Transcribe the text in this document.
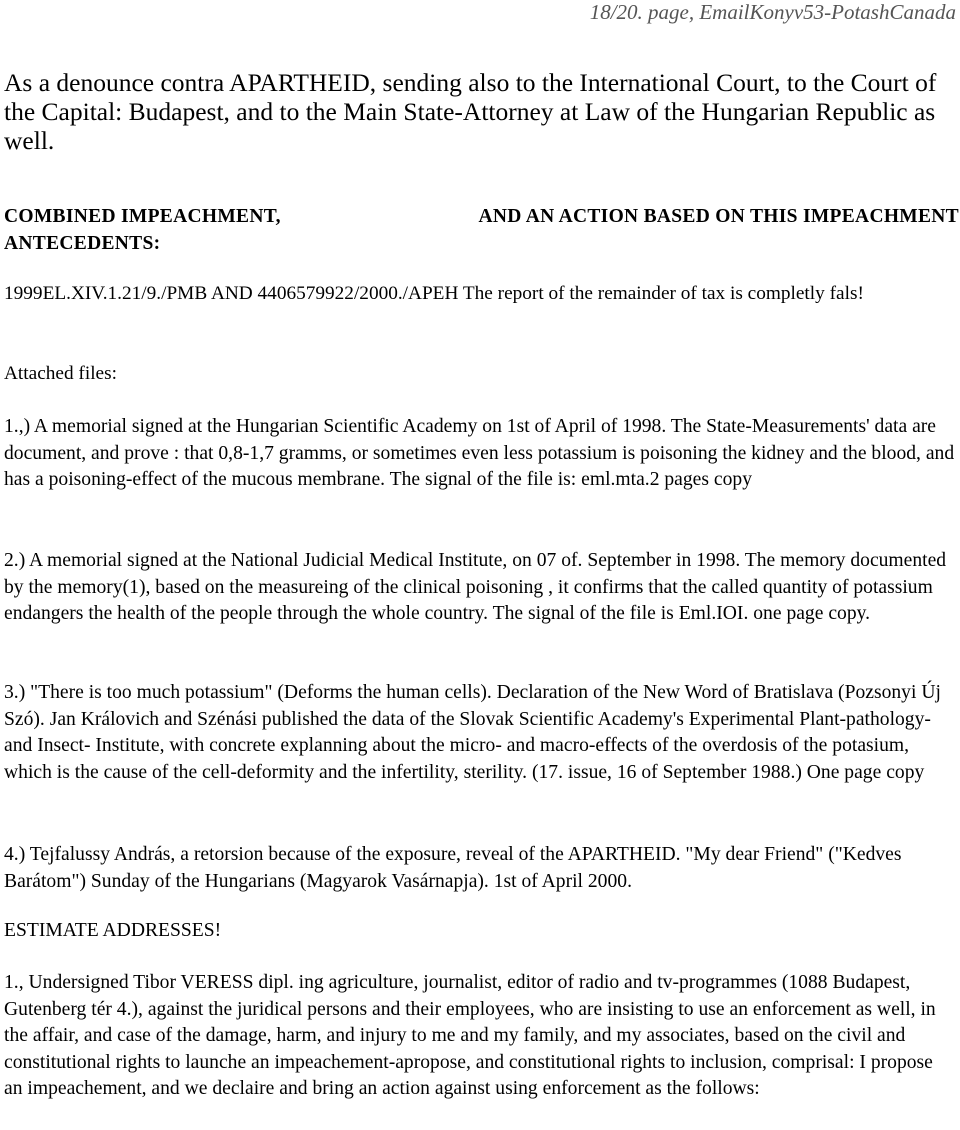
18/20. page, EmailKonyv53-PotashCanada
As a denounce contra APARTHEID, sending also to the International Court, to the Court of the Capital: Budapest, and to the Main State-Attorney at Law of the Hungarian Republic as well.
COMBINED IMPEACHMENT,	AND AN ACTION BASED ON THIS IMPEACHMENT
ANTECEDENTS:
1999EL.XIV.1.21/9./PMB AND 4406579922/2000./APEH The report of the remainder of tax is completly fals!
Attached files:
1.,) A memorial signed at the Hungarian Scientific Academy on 1st of April of 1998. The State-Measurements' data are document, and prove : that 0,8-1,7 gramms, or sometimes even less potassium is poisoning the kidney and the blood, and has a poisoning-effect of the mucous membrane. The signal of the file is: eml.mta.2 pages copy
2.) A memorial signed at the National Judicial Medical Institute, on 07 of. September in 1998. The memory documented by the memory(1), based on the measureing of the clinical poisoning , it confirms that the called quantity of potassium endangers the health of the people through the whole country. The signal of the file is Eml.IOI. one page copy.
3.) "There is too much potassium" (Deforms the human cells). Declaration of the New Word of Bratislava (Pozsonyi Új Szó). Jan Královich and Szénási published the data of the Slovak Scientific Academy's Experimental Plant-pathology- and Insect- Institute, with concrete explanning about the micro- and macro-effects of the overdosis of the potasium, which is the cause of the cell-deformity and the infertility, sterility. (17. issue, 16 of September 1988.) One page copy
4.) Tejfalussy András, a retorsion because of the exposure, reveal of the APARTHEID. "My dear Friend" ("Kedves Barátom") Sunday of the Hungarians (Magyarok Vasárnapja). 1st of April 2000.
ESTIMATE ADDRESSES!
1., Undersigned Tibor VERESS dipl. ing agriculture, journalist, editor of radio and tv-programmes (1088 Budapest, Gutenberg tér 4.), against the juridical persons and their employees, who are insisting to use an enforcement as well, in the affair, and case of the damage, harm, and injury to me and my family, and my associates, based on the civil and constitutional rights to launche an impeachement-apropose, and constitutional rights to inclusion, comprisal: I propose an impeachement, and we declaire and bring an action against using enforcement as the follows:
